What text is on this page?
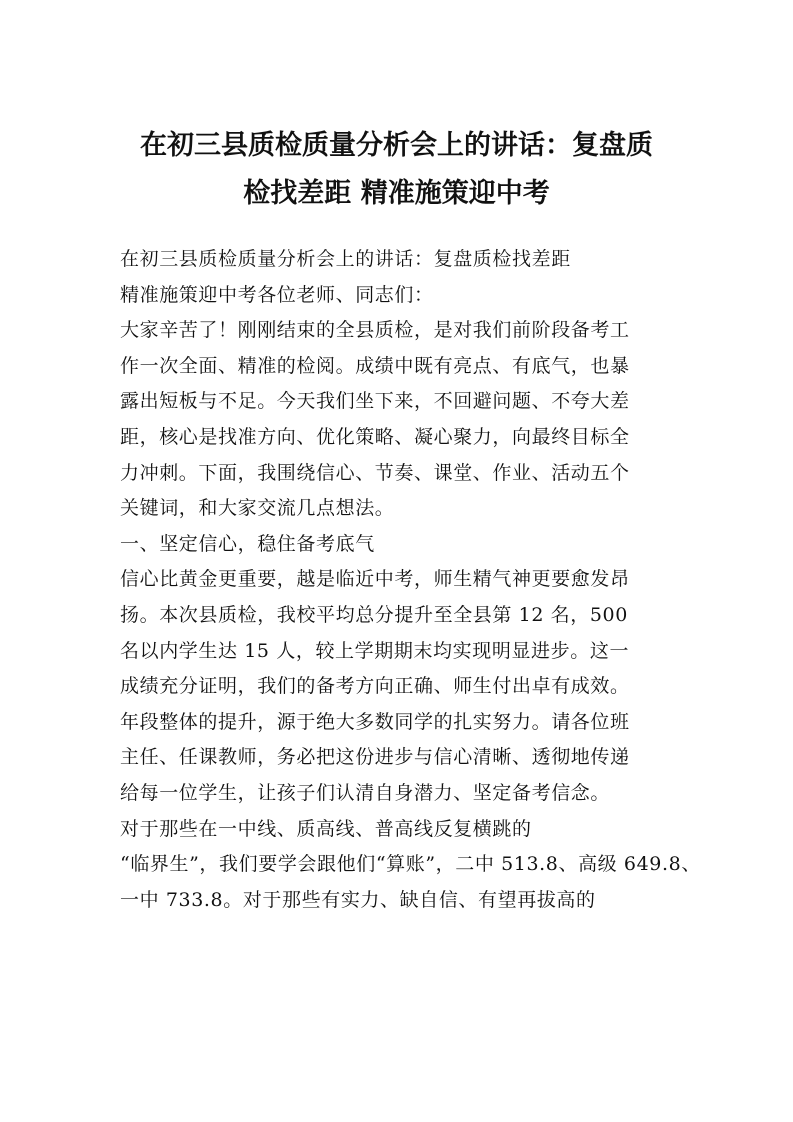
在初三县质检质量分析会上的讲话：复盘质
检找差距 精准施策迎中考

在初三县质检质量分析会上的讲话：复盘质检找差距

精准施策迎中考各位老师、同志们：

大家辛苦了！刚刚结束的全县质检，是对我们前阶段备考工
作一次全面、精准的检阅。成绩中既有亮点、有底气，也暴
露出短板与不足。今天我们坐下来，不回避问题、不夸大差
距，核心是找准方向、优化策略、凝心聚力，向最终目标全
力冲刺。下面，我围绕信心、节奏、课堂、作业、活动五个
关键词，和大家交流几点想法。

一、坚定信心，稳住备考底气

信心比黄金更重要，越是临近中考，师生精气神更要愈发昂
扬。本次县质检，我校平均总分提升至全县第 12 名，500
名以内学生达 15 人，较上学期期末均实现明显进步。这一
成绩充分证明，我们的备考方向正确、师生付出卓有成效。
年段整体的提升，源于绝大多数同学的扎实努力。请各位班
主任、任课教师，务必把这份进步与信心清晰、透彻地传递
给每一位学生，让孩子们认清自身潜力、坚定备考信念。

对于那些在一中线、质高线、普高线反复横跳的
“临界生”，我们要学会跟他们“算账”，二中 513.8、高级 649.8、
一中 733.8。对于那些有实力、缺自信、有望再拔高的
